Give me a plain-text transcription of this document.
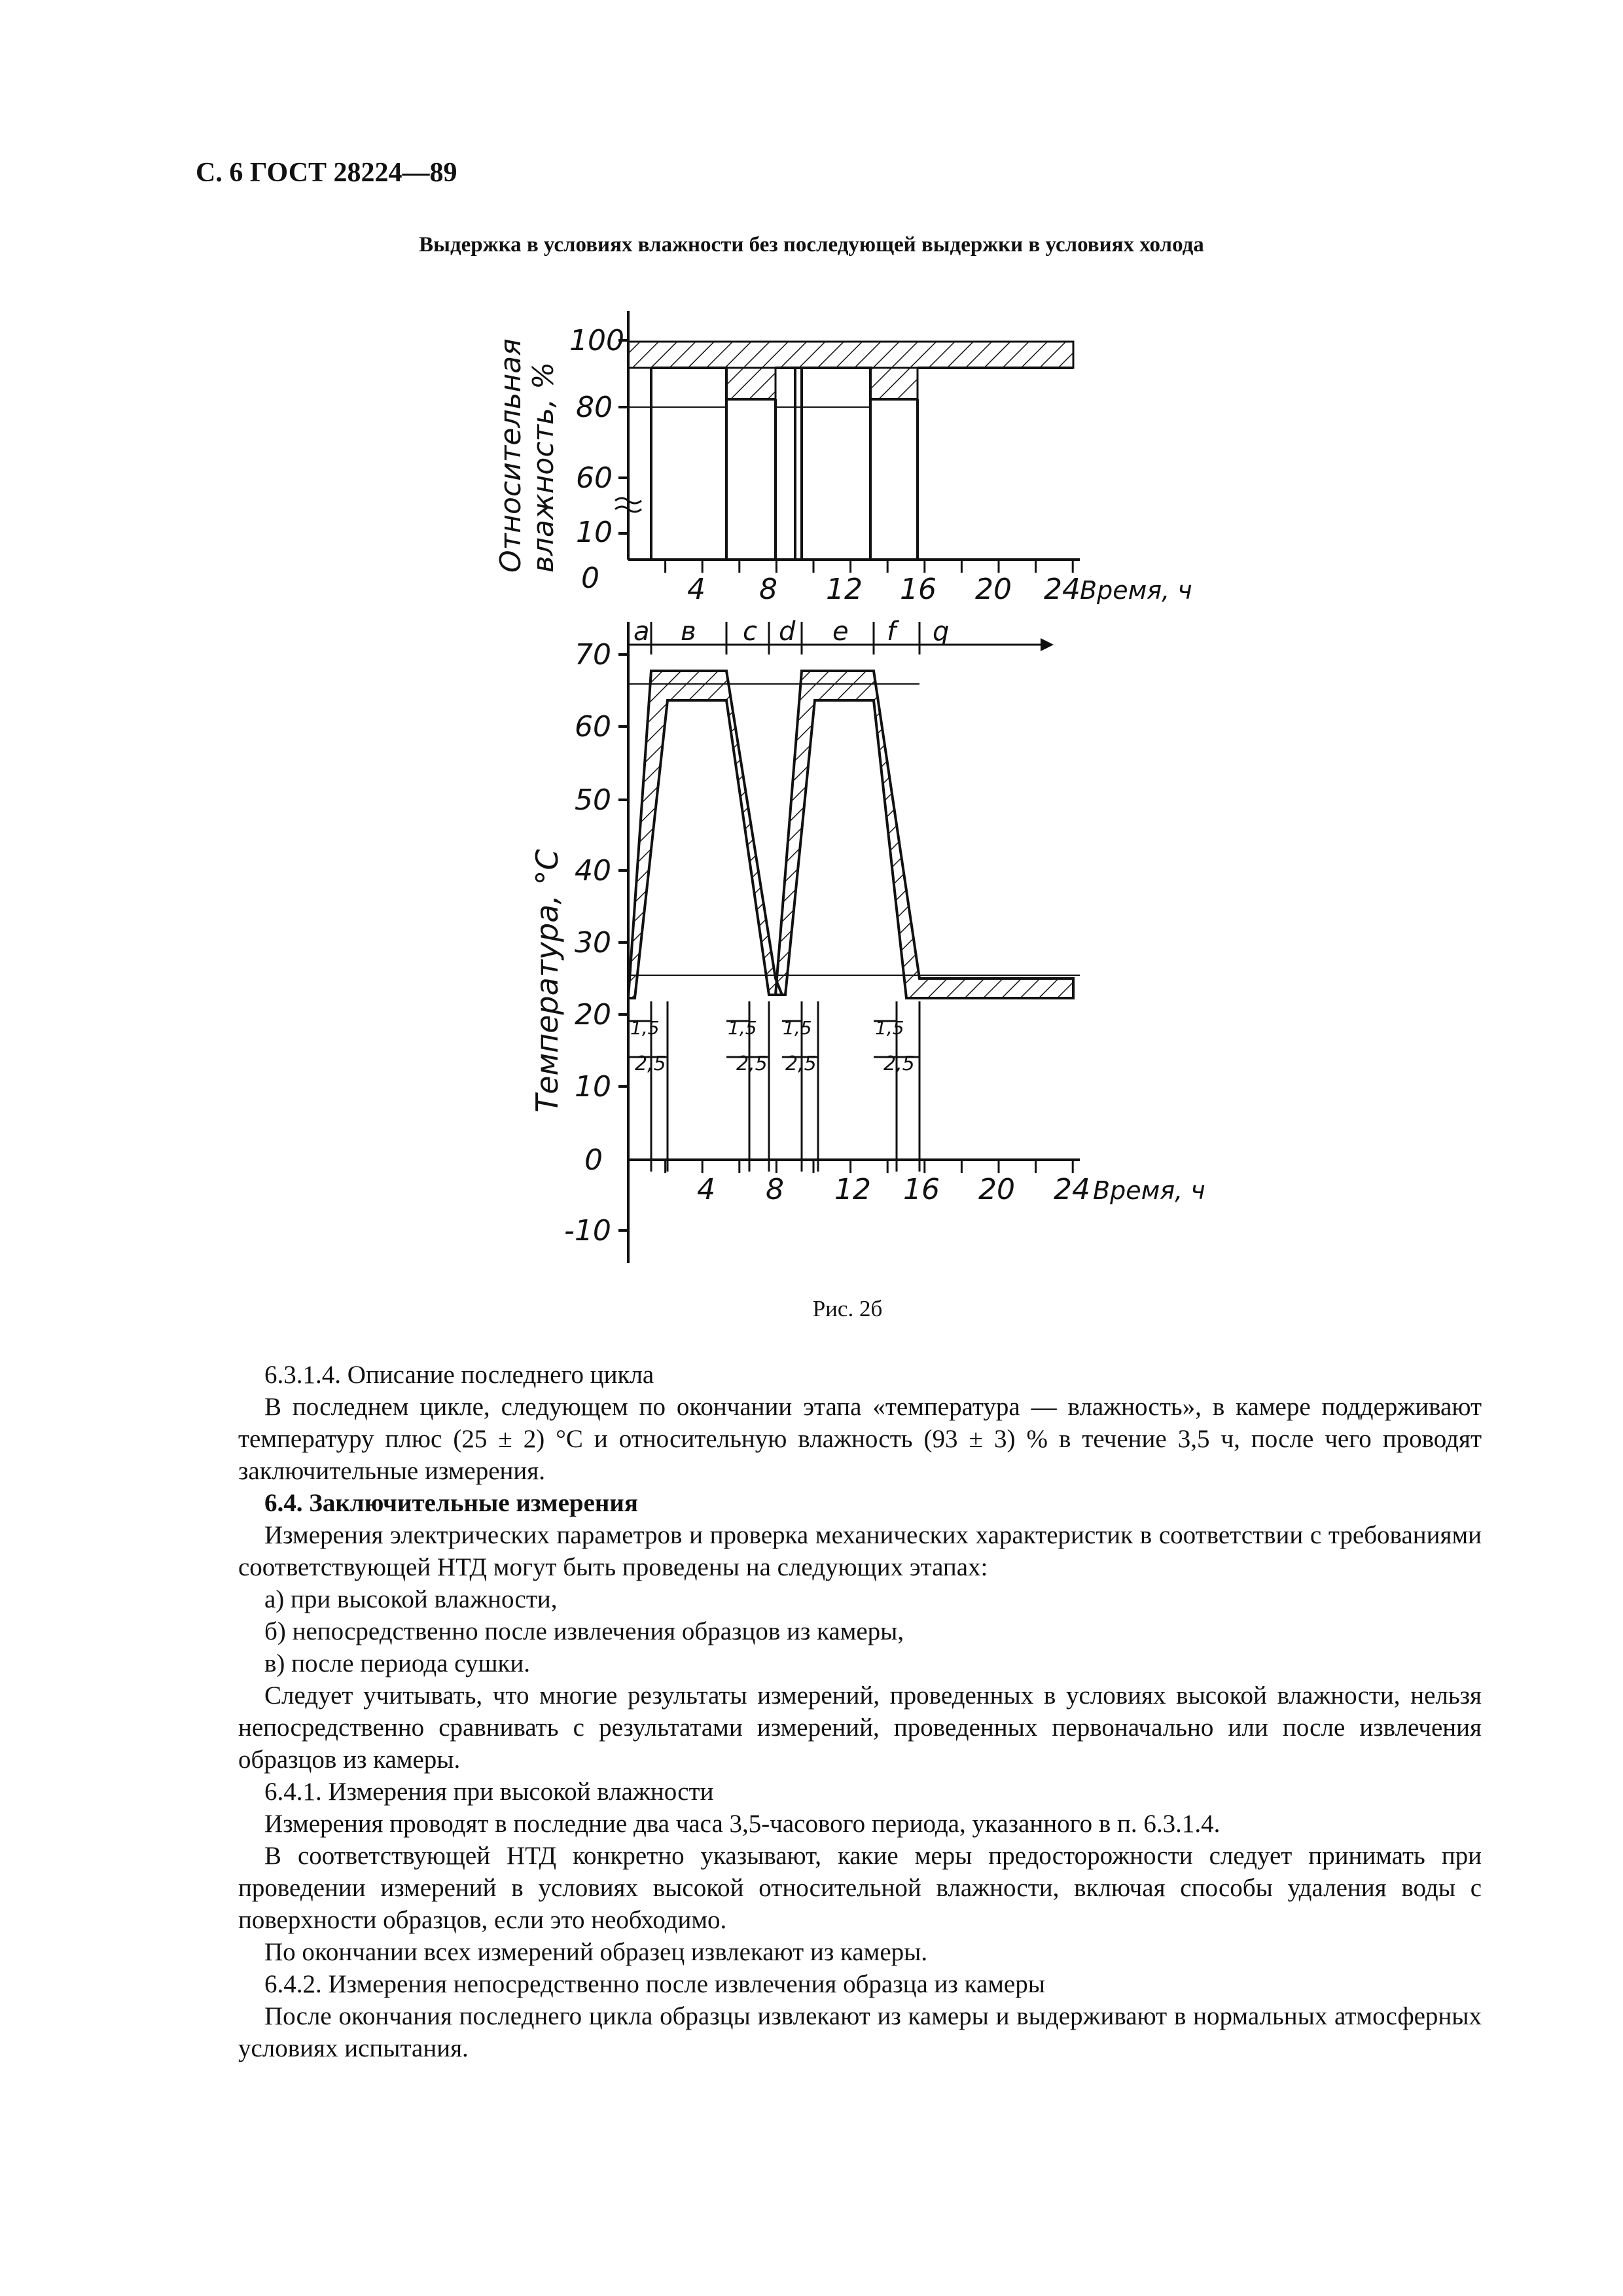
С. 6 ГОСТ 28224—89
Выдержка в условиях влажности без последующей выдержки в условиях холода
100
80
60
10
0
Относительная влажность, %
4 8 12 16 20 24 Время, ч
70
60
50
40
30
20
10
0
-10
Температура, °С
4 8 12 16 20 24 Время, ч
a в c d e f q
1,5
2,5
1,5
2,5
1,5
2,5
1,5
2,5
Рис. 2б

6.3.1.4. Описание последнего цикла

В последнем цикле, следующем по окончании этапа «температура — влажность», в камере поддерживают температуру плюс (25 ± 2) °С и относительную влажность (93 ± 3) % в течение 3,5 ч, после чего проводят заключительные измерения.

6.4. Заключительные измерения

Измерения электрических параметров и проверка механических характеристик в соответствии с требованиями соответствующей НТД могут быть проведены на следующих этапах:

а) при высокой влажности,

б) непосредственно после извлечения образцов из камеры,

в) после периода сушки.

Следует учитывать, что многие результаты измерений, проведенных в условиях высокой влажности, нельзя непосредственно сравнивать с результатами измерений, проведенных первоначально или после извлечения образцов из камеры.

6.4.1. Измерения при высокой влажности

Измерения проводят в последние два часа 3,5-часового периода, указанного в п. 6.3.1.4.

В соответствующей НТД конкретно указывают, какие меры предосторожности следует принимать при проведении измерений в условиях высокой относительной влажности, включая способы удаления воды с поверхности образцов, если это необходимо.

По окончании всех измерений образец извлекают из камеры.

6.4.2. Измерения непосредственно после извлечения образца из камеры

После окончания последнего цикла образцы извлекают из камеры и выдерживают в нормальных атмосферных условиях испытания.
